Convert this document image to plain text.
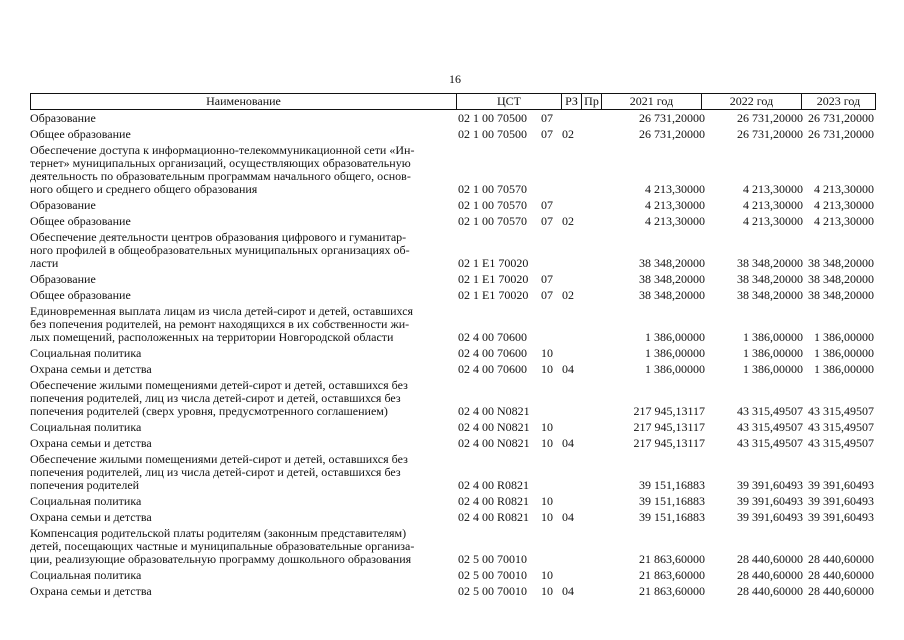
16
Наименование	ЦСТ	РЗ Пр	2021 год	2022 год	2023 год
Образование	02 1 00 70500	07	26 731,20000	26 731,20000 26 731,20000
Общее образование	02 1 00 70500	07 02	26 731,20000	26 731,20000 26 731,20000
Обеспечение доступа к информационно-телекоммуникационной сети «Ин-
тернет» муниципальных организаций, осуществляющих образовательную
деятельность по образовательным программам начального общего, основ-
ного общего и среднего общего образования	02 1 00 70570	4 213,30000	4 213,30000 4 213,30000
Образование	02 1 00 70570	07	4 213,30000	4 213,30000 4 213,30000
Общее образование	02 1 00 70570	07 02	4 213,30000	4 213,30000 4 213,30000
Обеспечение деятельности центров образования цифрового и гуманитар-
ного профилей в общеобразовательных муниципальных организациях об-
ласти	02 1 E1 70020	38 348,20000	38 348,20000 38 348,20000
Образование	02 1 E1 70020	07	38 348,20000	38 348,20000 38 348,20000
Общее образование	02 1 E1 70020	07 02	38 348,20000	38 348,20000 38 348,20000
Единовременная выплата лицам из числа детей-сирот и детей, оставшихся
без попечения родителей, на ремонт находящихся в их собственности жи-
лых помещений, расположенных на территории Новгородской области	02 4 00 70600	1 386,00000	1 386,00000 1 386,00000
Социальная политика	02 4 00 70600	10	1 386,00000	1 386,00000 1 386,00000
Охрана семьи и детства	02 4 00 70600	10 04	1 386,00000	1 386,00000 1 386,00000
Обеспечение жилыми помещениями детей-сирот и детей, оставшихся без
попечения родителей, лиц из числа детей-сирот и детей, оставшихся без
попечения родителей (сверх уровня, предусмотренного соглашением)	02 4 00 N0821	217 945,13117	43 315,49507 43 315,49507
Социальная политика	02 4 00 N0821 10	217 945,13117	43 315,49507 43 315,49507
Охрана семьи и детства	02 4 00 N0821 10 04	217 945,13117	43 315,49507 43 315,49507
Обеспечение жилыми помещениями детей-сирот и детей, оставшихся без
попечения родителей, лиц из числа детей-сирот и детей, оставшихся без
попечения родителей	02 4 00 R0821	39 151,16883	39 391,60493 39 391,60493
Социальная политика	02 4 00 R0821 10	39 151,16883	39 391,60493 39 391,60493
Охрана семьи и детства	02 4 00 R0821 10 04	39 151,16883	39 391,60493 39 391,60493
Компенсация родительской платы родителям (законным представителям)
детей, посещающих частные и муниципальные образовательные организа-
ции, реализующие образовательную программу дошкольного образования	02 5 00 70010	21 863,60000	28 440,60000 28 440,60000
Социальная политика	02 5 00 70010	10	21 863,60000	28 440,60000 28 440,60000
Охрана семьи и детства	02 5 00 70010	10 04	21 863,60000	28 440,60000 28 440,60000
